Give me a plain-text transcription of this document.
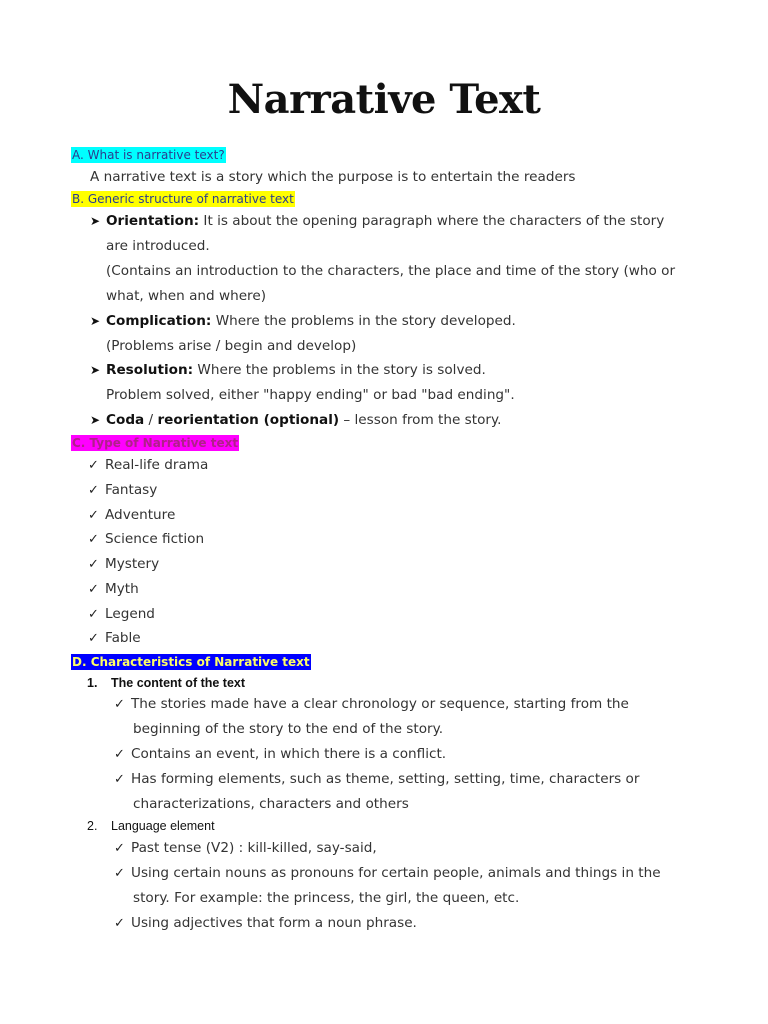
Narrative Text
A. What is narrative text?
A narrative text is a story which the purpose is to entertain the readers
B. Generic structure of narrative text
➤ Orientation: It is about the opening paragraph where the characters of the story
are introduced.
(Contains an introduction to the characters, the place and time of the story (who or
what, when and where)
➤ Complication: Where the problems in the story developed.
(Problems arise / begin and develop)
➤ Resolution: Where the problems in the story is solved.
Problem solved, either "happy ending" or bad "bad ending".
➤ Coda / reorientation (optional) – lesson from the story.
C. Type of Narrative text
✓ Real-life drama
✓ Fantasy
✓ Adventure
✓ Science fiction
✓ Mystery
✓ Myth
✓ Legend
✓ Fable
D. Characteristics of Narrative text
1. The content of the text
✓ The stories made have a clear chronology or sequence, starting from the
beginning of the story to the end of the story.
✓ Contains an event, in which there is a conflict.
✓ Has forming elements, such as theme, setting, setting, time, characters or
characterizations, characters and others
2. Language element
✓ Past tense (V2) : kill-killed, say-said,
✓ Using certain nouns as pronouns for certain people, animals and things in the
story. For example: the princess, the girl, the queen, etc.
✓ Using adjectives that form a noun phrase.
